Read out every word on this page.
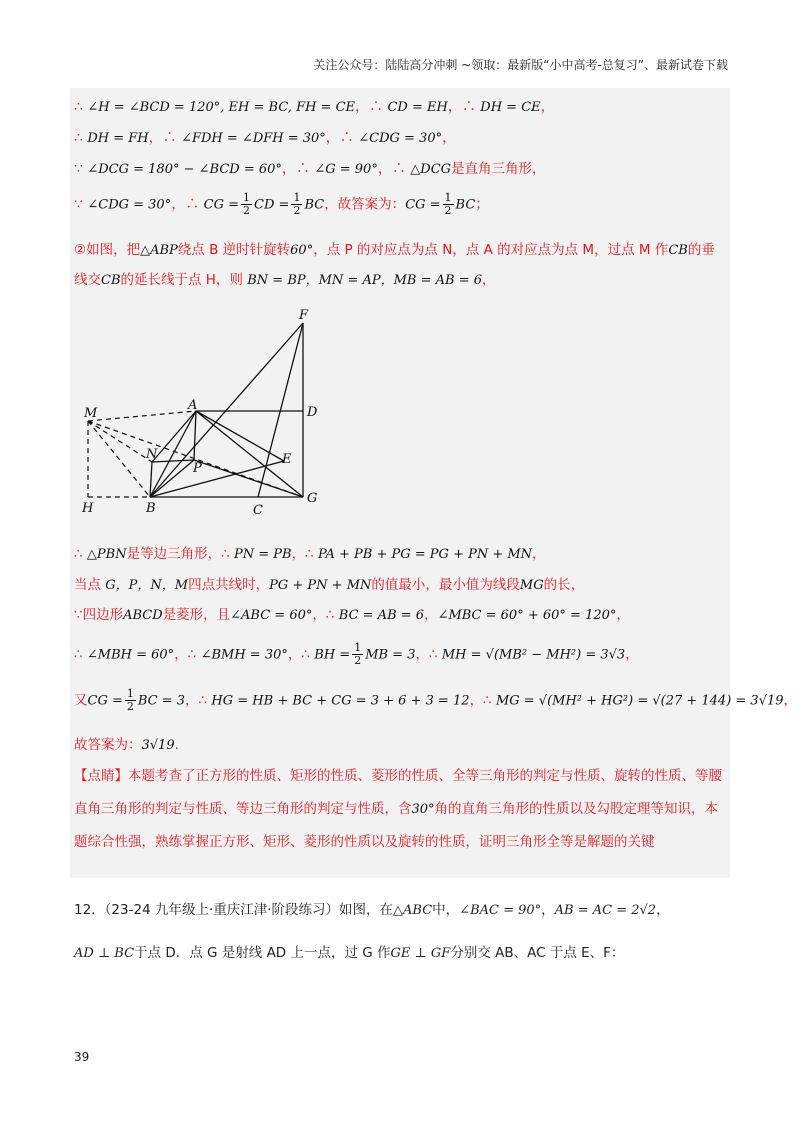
关注公众号：陆陆高分冲刺 ~领取：最新版“小中高考-总复习”、最新试卷下载
∴ ∠H = ∠BCD = 120°, EH = BC, FH = CE，∴ CD = EH，∴ DH = CE，
∴ DH = FH，∴ ∠FDH = ∠DFH = 30°，∴ ∠CDG = 30°，
∵ ∠DCG = 180° − ∠BCD = 60°，∴ ∠G = 90°，∴ △DCG是直角三角形，
∵ ∠CDG = 30°，∴ CG = $\frac{1}{2}$ CD = $\frac{1}{2}$ BC，故答案为：CG = $\frac{1}{2}$ BC；
②如图，把△ABP绕点 B 逆时针旋转60°，点 P 的对应点为点 N，点 A 的对应点为点 M，过点 M 作CB的垂
线交CB的延长线于点 H，则 BN = BP，MN = AP，MB = AB = 6，
F
A	D
M
N
P
E
H	B	C
G
∴ △PBN是等边三角形，∴ PN = PB，∴ PA + PB + PG = PG + PN + MN，
当点 G，P，N，M四点共线时，PG + PN + MN的值最小，最小值为线段MG的长，
∵四边形ABCD是菱形，且∠ABC = 60°，∴ BC = AB = 6，∠MBC = 60° + 60° = 120°，
∴ ∠MBH = 60°，∴ ∠BMH = 30°，∴ BH = $\frac{1}{2}$ MB = 3，∴ MH = √(MB² − MH²) = 3√3，
又CG = $\frac{1}{2}$ BC = 3，∴ HG = HB + BC + CG = 3 + 6 + 3 = 12，∴ MG = √(MH² + HG²) = √(27 + 144) = 3√19，
故答案为：3√19.
【点睛】本题考查了正方形的性质、矩形的性质、菱形的性质、全等三角形的判定与性质、旋转的性质、等腰直角三角形的判定与性质、等边三角形的判定与性质，含30°角的直角三角形的性质以及勾股定理等知识，本题综合性强，熟练掌握正方形、矩形、菱形的性质以及旋转的性质，证明三角形全等是解题的关键
12．（23-24 九年级上·重庆江津·阶段练习）如图，在△ABC中，∠BAC = 90°，AB = AC = 2√2，
AD ⊥ BC于点 D．点 G 是射线 AD 上一点，过 G 作GE ⊥ GF分别交 AB、AC 于点 E、F：
39
